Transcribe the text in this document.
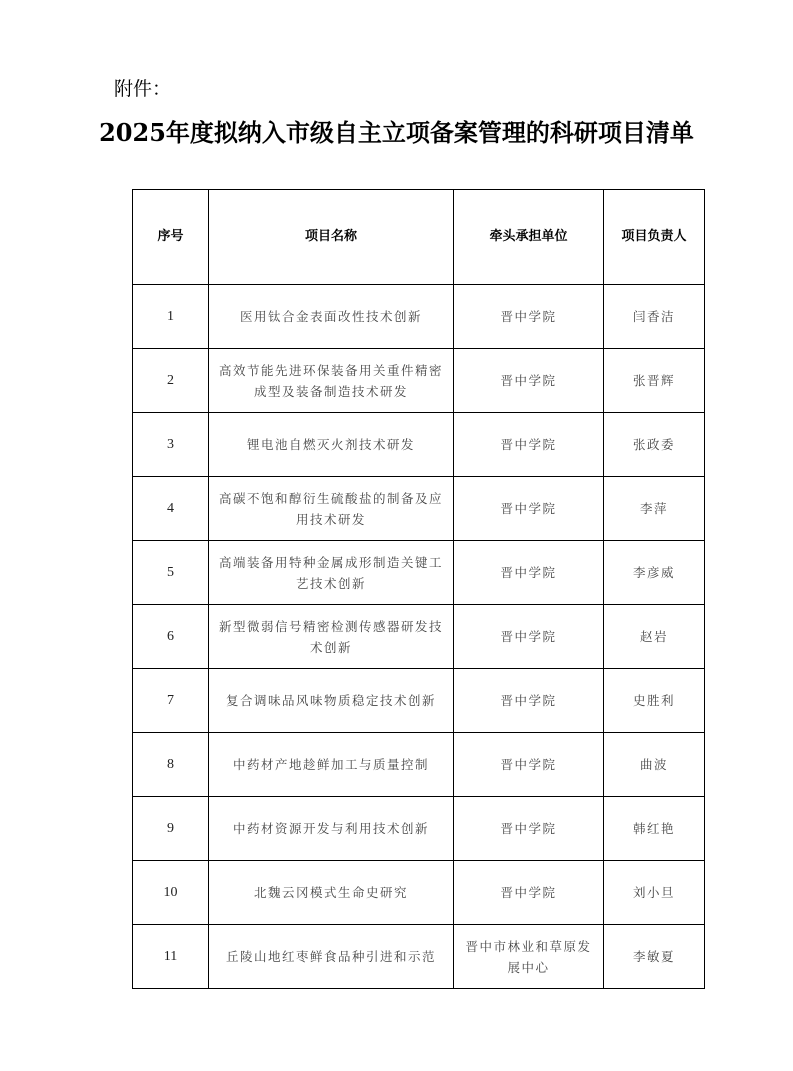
附件：
2025年度拟纳入市级自主立项备案管理的科研项目清单
序号	项目名称	牵头承担单位	项目负责人
1	医用钛合金表面改性技术创新	晋中学院	闫香洁
2	高效节能先进环保装备用关重件精密成型及装备制造技术研发	晋中学院	张晋辉
3	锂电池自燃灭火剂技术研发	晋中学院	张政委
4	高碳不饱和醇衍生硫酸盐的制备及应用技术研发	晋中学院	李萍
5	高端装备用特种金属成形制造关键工艺技术创新	晋中学院	李彦威
6	新型微弱信号精密检测传感器研发技术创新	晋中学院	赵岩
7	复合调味品风味物质稳定技术创新	晋中学院	史胜利
8	中药材产地趁鲜加工与质量控制	晋中学院	曲波
9	中药材资源开发与利用技术创新	晋中学院	韩红艳
10	北魏云冈模式生命史研究	晋中学院	刘小旦
11	丘陵山地红枣鲜食品种引进和示范	晋中市林业和草原发展中心	李敏夏
